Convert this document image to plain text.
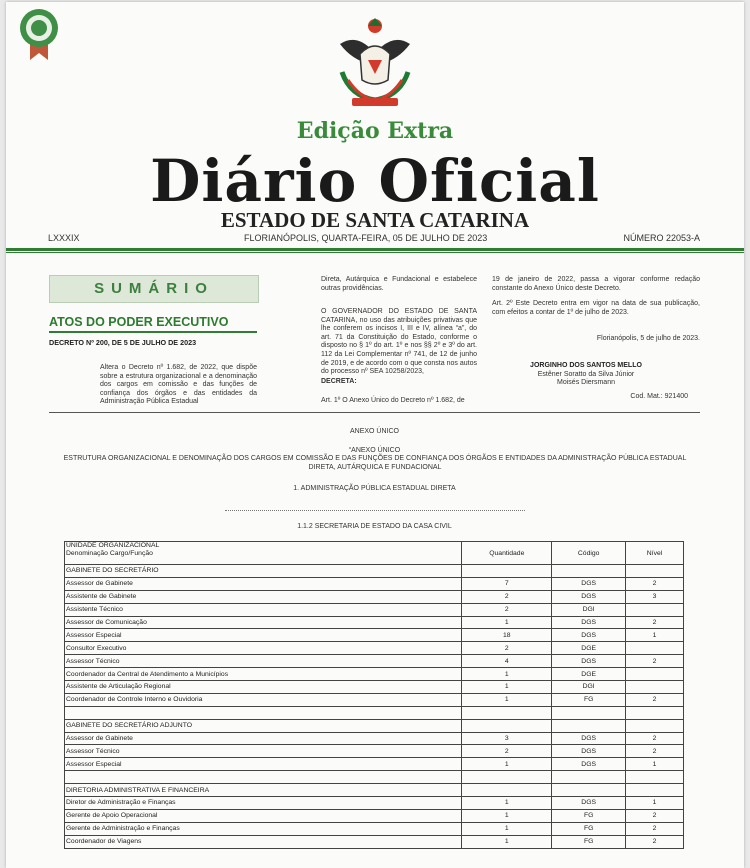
Edição Extra
Diário Oficial
ESTADO DE SANTA CATARINA
LXXXIX	FLORIANÓPOLIS, QUARTA-FEIRA, 05 DE JULHO DE 2023	NÚMERO 22053-A
SUMÁRIO
ATOS DO PODER EXECUTIVO
DECRETO Nº 200, DE 5 DE JULHO DE 2023
Altera o Decreto nº 1.682, de 2022, que dispõe sobre a estrutura organizacional e a denominação dos cargos em comissão e das funções de confiança dos órgãos e das entidades da Administração Pública Estadual
Direta, Autárquica e Fundacional e estabelece outras providências.
O GOVERNADOR DO ESTADO DE SANTA CATARINA, no uso das atribuições privativas que lhe conferem os incisos I, III e IV, alínea “a”, do art. 71 da Constituição do Estado, conforme o disposto no § 1º do art. 1º e nos §§ 2º e 3º do art. 112 da Lei Complementar nº 741, de 12 de junho de 2019, e de acordo com o que consta nos autos do processo nº SEA 10258/2023,
DECRETA:
Art. 1º O Anexo Único do Decreto nº 1.682, de
19 de janeiro de 2022, passa a vigorar conforme redação constante do Anexo Único deste Decreto.
Art. 2º Este Decreto entra em vigor na data de sua publicação, com efeitos a contar de 1º de julho de 2023.
Florianópolis, 5 de julho de 2023.
JORGINHO DOS SANTOS MELLO
Estêner Soratto da Silva Júnior
Moisés Diersmann
Cod. Mat.: 921400
ANEXO ÚNICO
“ANEXO ÚNICO
ESTRUTURA ORGANIZACIONAL E DENOMINAÇÃO DOS CARGOS EM COMISSÃO E DAS FUNÇÕES DE CONFIANÇA DOS ÓRGÃOS E ENTIDADES DA ADMINISTRAÇÃO PÚBLICA ESTADUAL DIRETA, AUTÁRQUICA E FUNDACIONAL
1. ADMINISTRAÇÃO PÚBLICA ESTADUAL DIRETA
1.1.2 SECRETARIA DE ESTADO DA CASA CIVIL
UNIDADE ORGANIZACIONAL
Denominação Cargo/Função	Quantidade	Código	Nível
GABINETE DO SECRETÁRIO			
Assessor de Gabinete	7	DGS	2
Assistente de Gabinete	2	DGS	3
Assistente Técnico	2	DGI	
Assessor de Comunicação	1	DGS	2
Assessor Especial	18	DGS	1
Consultor Executivo	2	DGE	
Assessor Técnico	4	DGS	2
Coordenador da Central de Atendimento a Municípios	1	DGE	
Assistente de Articulação Regional	1	DGI	
Coordenador de Controle Interno e Ouvidoria	1	FG	2

GABINETE DO SECRETÁRIO ADJUNTO			
Assessor de Gabinete	3	DGS	2
Assessor Técnico	2	DGS	2
Assessor Especial	1	DGS	1

DIRETORIA ADMINISTRATIVA E FINANCEIRA			
Diretor de Administração e Finanças	1	DGS	1
Gerente de Apoio Operacional	1	FG	2
Gerente de Administração e Finanças	1	FG	2
Coordenador de Viagens	1	FG	2
